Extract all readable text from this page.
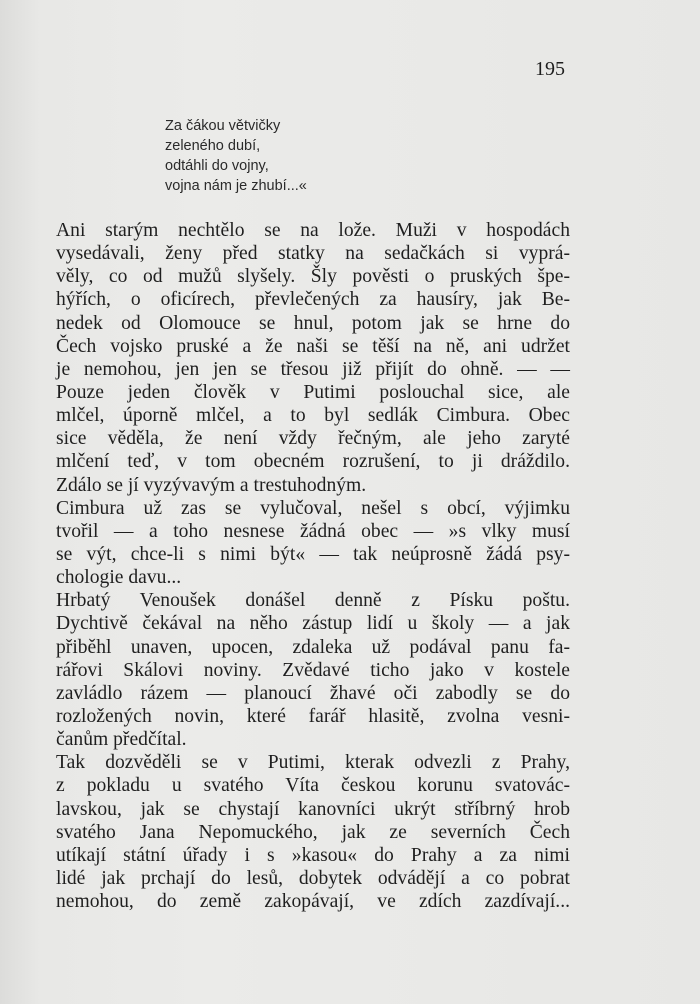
195
Za čákou větvičky
zeleného dubí,
odtáhli do vojny,
vojna nám je zhubí...«
Ani starým nechtělo se na lože. Muži v hospodách
vysedávali, ženy před statky na sedačkách si vyprá-
věly, co od mužů slyšely. Šly pověsti o pruských špe-
hýřích, o oficírech, převlečených za hausíry, jak Be-
nedek od Olomouce se hnul, potom jak se hrne do
Čech vojsko pruské a že naši se těší na ně, ani udržet
je nemohou, jen jen se třesou již přijít do ohně. — —
Pouze jeden člověk v Putimi poslouchal sice, ale
mlčel, úporně mlčel, a to byl sedlák Cimbura. Obec
sice věděla, že není vždy řečným, ale jeho zaryté
mlčení teď, v tom obecném rozrušení, to ji dráždilo.
Zdálo se jí vyzývavým a trestuhodným.
Cimbura už zas se vylučoval, nešel s obcí, výjimku
tvořil — a toho nesnese žádná obec — »s vlky musí
se výt, chce-li s nimi být« — tak neúprosně žádá psy-
chologie davu...
Hrbatý Venoušek donášel denně z Písku poštu.
Dychtivě čekával na něho zástup lidí u školy — a jak
přiběhl unaven, upocen, zdaleka už podával panu fa-
rářovi Skálovi noviny. Zvědavé ticho jako v kostele
zavládlo rázem — planoucí žhavé oči zabodly se do
rozložených novin, které farář hlasitě, zvolna vesni-
čanům předčítal.
Tak dozvěděli se v Putimi, kterak odvezli z Prahy,
z pokladu u svatého Víta českou korunu svatovác-
lavskou, jak se chystají kanovníci ukrýt stříbrný hrob
svatého Jana Nepomuckého, jak ze severních Čech
utíkají státní úřady i s »kasou« do Prahy a za nimi
lidé jak prchají do lesů, dobytek odvádějí a co pobrat
nemohou, do země zakopávají, ve zdích zazdívají...
